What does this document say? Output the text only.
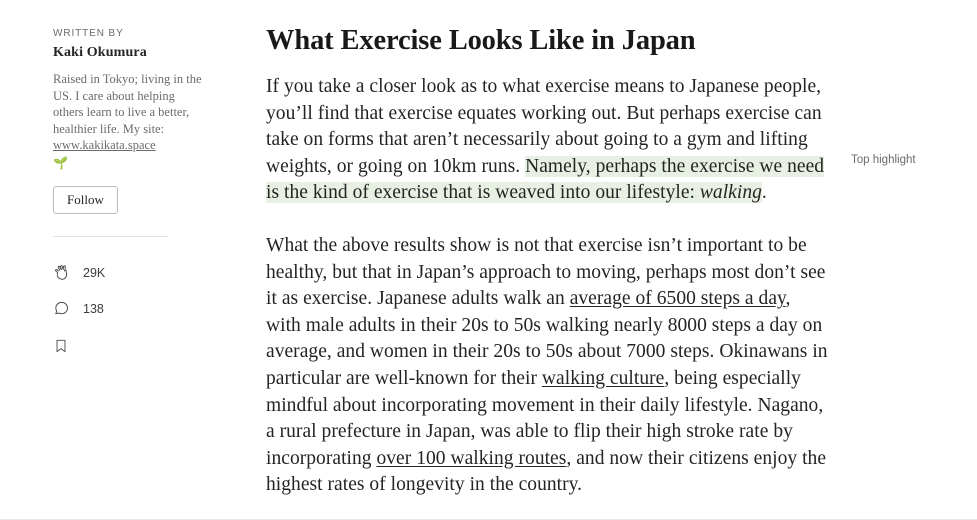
WRITTEN BY
Kaki Okumura
Raised in Tokyo; living in the US. I care about helping others learn to live a better, healthier life. My site: www.kakikata.space
🌱
Follow
29K
138
What Exercise Looks Like in Japan

If you take a closer look as to what exercise means to Japanese people, you’ll find that exercise equates working out. But perhaps exercise can take on forms that aren’t necessarily about going to a gym and lifting weights, or going on 10km runs. Namely, perhaps the exercise we need is the kind of exercise that is weaved into our lifestyle: walking.

What the above results show is not that exercise isn’t important to be healthy, but that in Japan’s approach to moving, perhaps most don’t see it as exercise. Japanese adults walk an average of 6500 steps a day, with male adults in their 20s to 50s walking nearly 8000 steps a day on average, and women in their 20s to 50s about 7000 steps. Okinawans in particular are well-known for their walking culture, being especially mindful about incorporating movement in their daily lifestyle. Nagano, a rural prefecture in Japan, was able to flip their high stroke rate by incorporating over 100 walking routes, and now their citizens enjoy the highest rates of longevity in the country.

Top highlight
